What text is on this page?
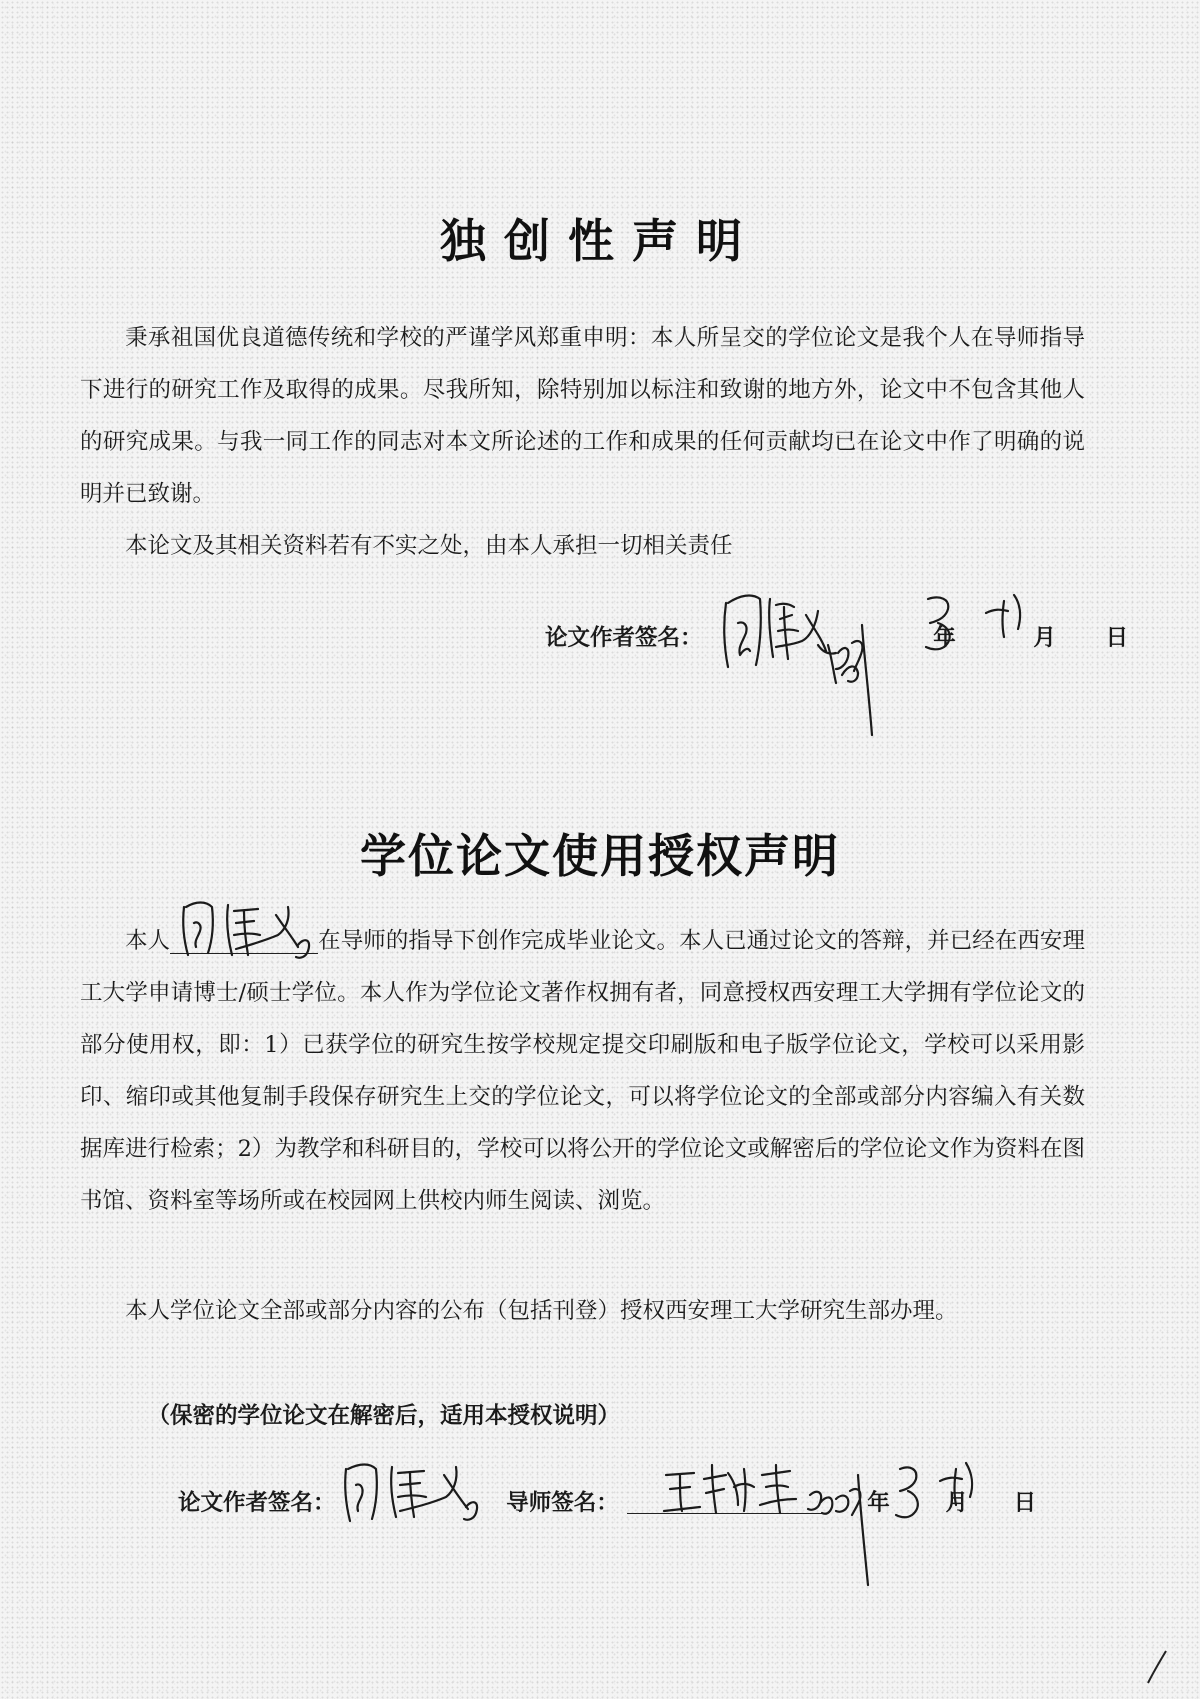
独创性声明

秉承祖国优良道德传统和学校的严谨学风郑重申明：本人所呈交的学位论文是我个人在导师指导下进行的研究工作及取得的成果。尽我所知，除特别加以标注和致谢的地方外，论文中不包含其他人的研究成果。与我一同工作的同志对本文所论述的工作和成果的任何贡献均已在论文中作了明确的说明并已致谢。

本论文及其相关资料若有不实之处，由本人承担一切相关责任

论文作者签名：	年	月 日
学位论文使用授权声明

本人	在导师的指导下创作完成毕业论文。本人已通过论文的答辩，并已经在西安理工大学申请博士/硕士学位。本人作为学位论文著作权拥有者，同意授权西安理工大学拥有学位论文的部分使用权，即：1）已获学位的研究生按学校规定提交印刷版和电子版学位论文，学校可以采用影印、缩印或其他复制手段保存研究生上交的学位论文，可以将学位论文的全部或部分内容编入有关数据库进行检索；2）为教学和科研目的，学校可以将公开的学位论文或解密后的学位论文作为资料在图书馆、资料室等场所或在校园网上供校内师生阅读、浏览。

本人学位论文全部或部分内容的公布（包括刊登）授权西安理工大学研究生部办理。

（保密的学位论文在解密后，适用本授权说明）

论文作者签名：	导师签名：	年 月 日
